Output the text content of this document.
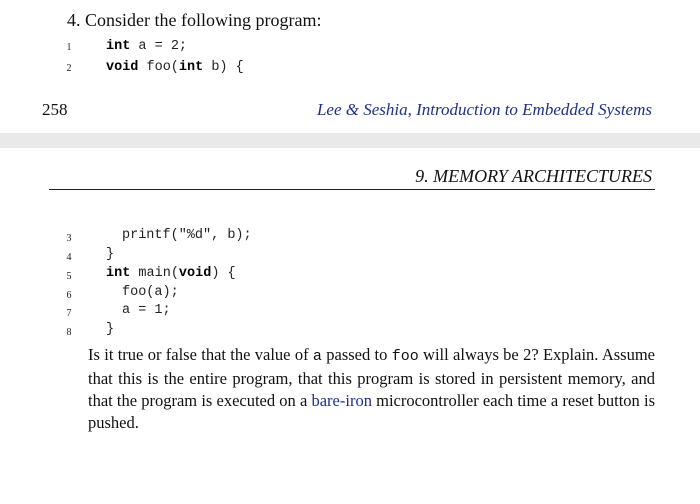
4. Consider the following program:
1	int a = 2;
2	void foo(int b) {
258	Lee & Seshia, Introduction to Embedded Systems
9. MEMORY ARCHITECTURES
3	printf("%d", b);
4	}
5	int main(void) {
6	foo(a);
7	a = 1;
8	}
Is it true or false that the value of a passed to foo will always be 2? Explain. Assume that this is the entire program, that this program is stored in persistent memory, and that the program is executed on a bare-iron microcontroller each time a reset button is pushed.
